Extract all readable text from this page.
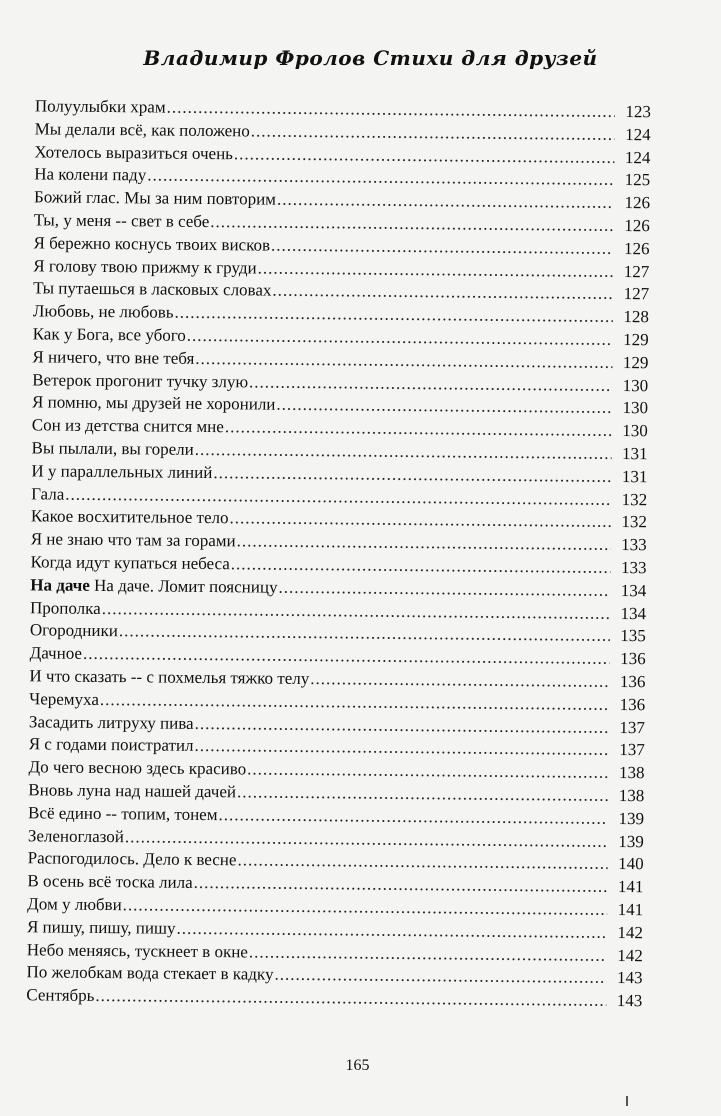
Владимир Фролов Стихи для друзей
Полуулыбки храм .....	123
Мы делали всё, как положено .....	124
Хотелось выразиться очень .....	124
На колени паду .....	125
Божий глас. Мы за ним повторим .....	126
Ты, у меня -- свет в себе .....	126
Я бережно коснусь твоих висков .....	126
Я голову твою прижму к груди .....	127
Ты путаешься в ласковых словах .....	127
Любовь, не любовь .....	128
Как у Бога, все убого .....	129
Я ничего, что вне тебя .....	129
Ветерок прогонит тучку злую .....	130
Я помню, мы друзей не хоронили .....	130
Сон из детства снится мне .....	130
Вы пылали, вы горели .....	131
И у параллельных линий .....	131
Гала .....	132
Какое восхитительное тело .....	132
Я не знаю что там за горами .....	133
Когда идут купаться небеса .....	133
На даче На даче. Ломит поясницу .....	134
Прополка .....	134
Огородники .....	135
Дачное .....	136
И что сказать -- с похмелья тяжко телу .....	136
Черемуха .....	136
Засадить литруху пива .....	137
Я с годами поистратил .....	137
До чего весною здесь красиво .....	138
Вновь луна над нашей дачей .....	138
Всё едино -- топим, тонем .....	139
Зеленоглазой .....	139
Распогодилось. Дело к весне .....	140
В осень всё тоска лила .....	141
Дом у любви .....	141
Я пишу, пишу, пишу .....	142
Небо меняясь, тускнеет в окне .....	142
По желобкам вода стекает в кадку .....	143
Сентябрь .....	143
165
